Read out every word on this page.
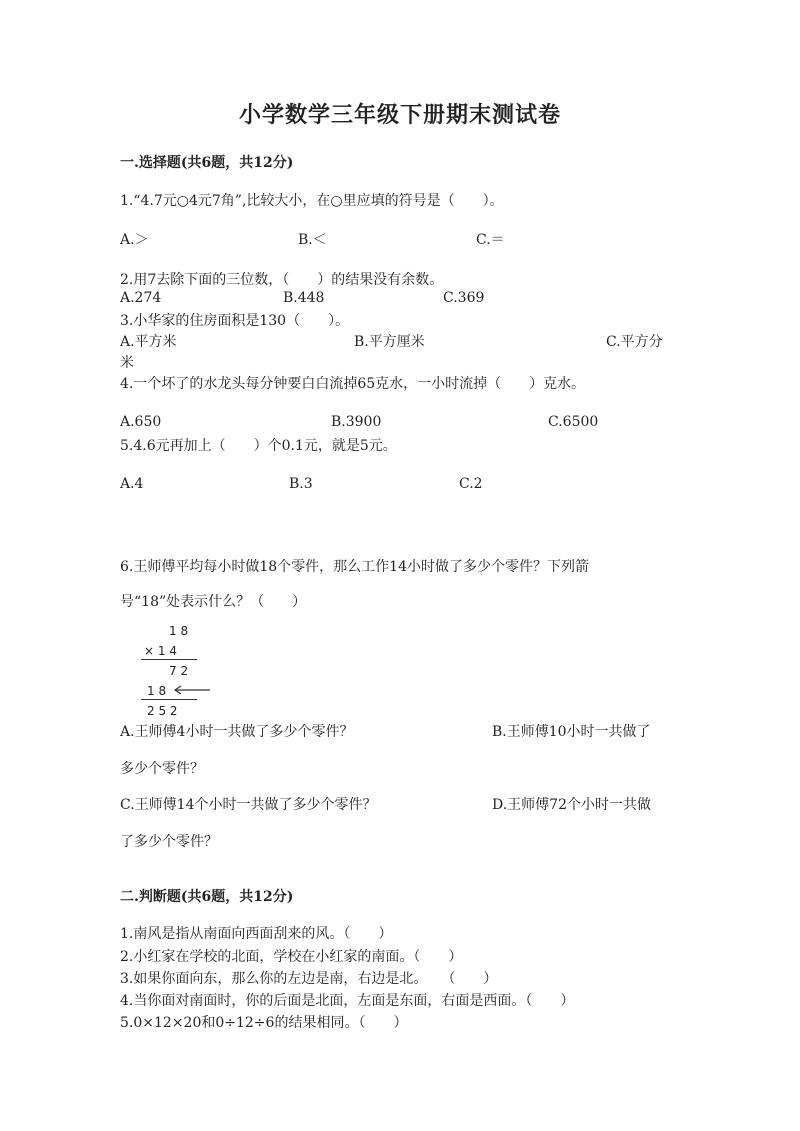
小学数学三年级下册期末测试卷
一.选择题(共6题，共12分)
1.“4.7元○4元7角”,比较大小，在○里应填的符号是（　　）。
A.＞	B.＜	C.＝
2.用7去除下面的三位数，（　　）的结果没有余数。
A.274	B.448	C.369
3.小华家的住房面积是130（　　）。
A.平方米	B.平方厘米	C.平方分
米
4.一个坏了的水龙头每分钟要白白流掉65克水，一小时流掉（　　）克水。
A.650	B.3900	C.6500
5.4.6元再加上（　　）个0.1元，就是5元。
A.4	B.3	C.2
6.王师傅平均每小时做18个零件，那么工作14小时做了多少个零件？下列箭
号“18”处表示什么？（　　）
1 8
× 1 4
7 2
1 8
2 5 2
A.王师傅4小时一共做了多少个零件？	B.王师傅10小时一共做了
多少个零件？
C.王师傅14个小时一共做了多少个零件？	D.王师傅72个小时一共做
了多少个零件？
二.判断题(共6题，共12分)
1.南风是指从南面向西面刮来的风。（　　）
2.小红家在学校的北面，学校在小红家的南面。（　　）
3.如果你面向东，那么你的左边是南，右边是北。　　（　　）
4.当你面对南面时，你的后面是北面，左面是东面，右面是西面。（　　）
5.0×12×20和0÷12÷6的结果相同。（　　）
